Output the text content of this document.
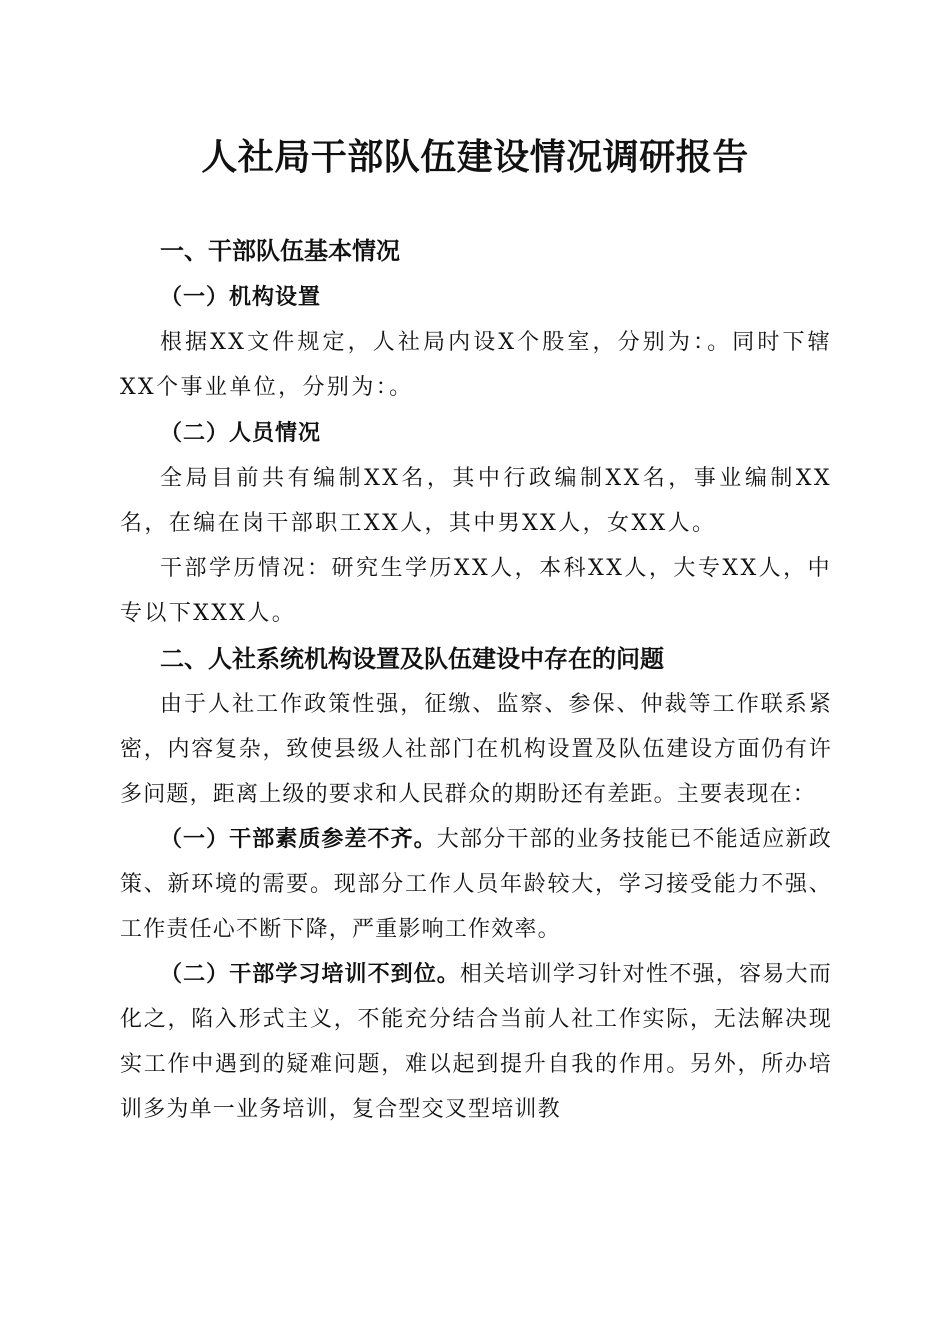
人社局干部队伍建设情况调研报告
一、干部队伍基本情况
（一）机构设置

根据XX文件规定，人社局内设X个股室，分别为：。同时下辖XX个事业单位，分别为：。

（二）人员情况

全局目前共有编制XX名，其中行政编制XX名，事业编制XX名，在编在岗干部职工XX人，其中男XX人，女XX人。

干部学历情况：研究生学历XX人，本科XX人，大专XX人，中专以下XXX人。

二、人社系统机构设置及队伍建设中存在的问题

由于人社工作政策性强，征缴、监察、参保、仲裁等工作联系紧密，内容复杂，致使县级人社部门在机构设置及队伍建设方面仍有许多问题，距离上级的要求和人民群众的期盼还有差距。主要表现在：

（一）干部素质参差不齐。大部分干部的业务技能已不能适应新政策、新环境的需要。现部分工作人员年龄较大，学习接受能力不强、工作责任心不断下降，严重影响工作效率。

（二）干部学习培训不到位。相关培训学习针对性不强，容易大而化之，陷入形式主义，不能充分结合当前人社工作实际，无法解决现实工作中遇到的疑难问题，难以起到提升自我的作用。另外，所办培训多为单一业务培训，复合型交叉型培训教
